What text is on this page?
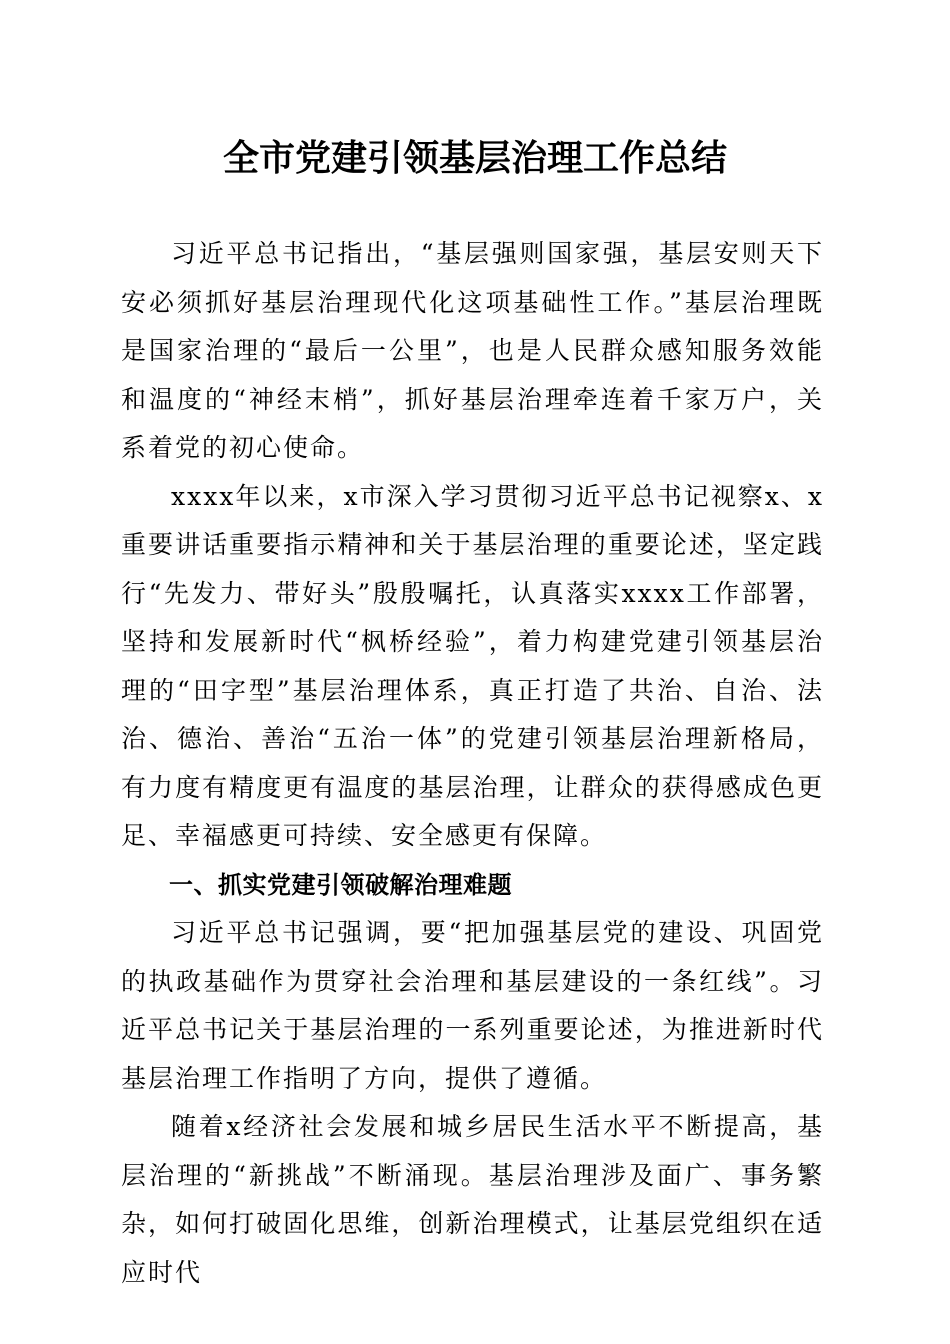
全市党建引领基层治理工作总结

习近平总书记指出，“基层强则国家强，基层安则天下安必须抓好基层治理现代化这项基础性工作。”基层治理既是国家治理的“最后一公里”，也是人民群众感知服务效能和温度的“神经末梢”，抓好基层治理牵连着千家万户，关系着党的初心使命。

xxxx年以来，x市深入学习贯彻习近平总书记视察x、x重要讲话重要指示精神和关于基层治理的重要论述，坚定践行“先发力、带好头”殷殷嘱托，认真落实xxxx工作部署，坚持和发展新时代“枫桥经验”，着力构建党建引领基层治理的“田字型”基层治理体系，真正打造了共治、自治、法治、德治、善治“五治一体”的党建引领基层治理新格局，有力度有精度更有温度的基层治理，让群众的获得感成色更足、幸福感更可持续、安全感更有保障。

一、抓实党建引领破解治理难题

习近平总书记强调，要“把加强基层党的建设、巩固党的执政基础作为贯穿社会治理和基层建设的一条红线”。习近平总书记关于基层治理的一系列重要论述，为推进新时代基层治理工作指明了方向，提供了遵循。

随着x经济社会发展和城乡居民生活水平不断提高，基层治理的“新挑战”不断涌现。基层治理涉及面广、事务繁杂，如何打破固化思维，创新治理模式，让基层党组织在适应时代
